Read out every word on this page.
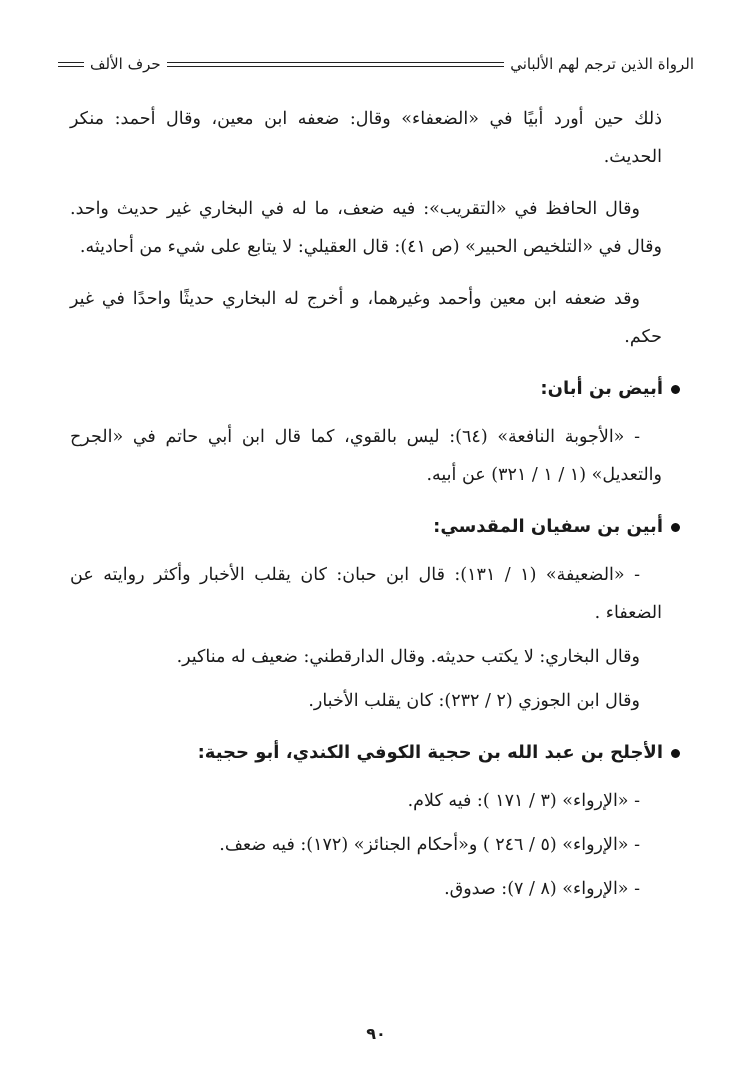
الرواة الذين ترجم لهم الألباني
حرف الألف

ذلك حين أورد أبيًا في «الضعفاء» وقال: ضعفه ابن معين، وقال أحمد: منكر الحديث.

وقال الحافظ في «التقريب»: فيه ضعف، ما له في البخاري غير حديث واحد. وقال في «التلخيص الحبير» (ص ٤١): قال العقيلي: لا يتابع على شيء من أحاديثه.

وقد ضعفه ابن معين وأحمد وغيرهما، و أخرج له البخاري حديثًا واحدًا في غير حكم.

أبيض بن أبان:

- «الأجوبة النافعة» (٦٤): ليس بالقوي، كما قال ابن أبي حاتم في «الجرح والتعديل» (١ / ١ / ٣٢١) عن أبيه.

أبين بن سفيان المقدسي:

- «الضعيفة» (١ / ١٣١): قال ابن حبان: كان يقلب الأخبار وأكثر روايته عن الضعفاء .

وقال البخاري: لا يكتب حديثه. وقال الدارقطني: ضعيف له مناكير.

وقال ابن الجوزي (٢ / ٢٣٢): كان يقلب الأخبار.

الأجلح بن عبد الله بن حجية الكوفي الكندي، أبو حجية:

- «الإرواء» (٣ / ١٧١ ): فيه كلام.

- «الإرواء» (٥ / ٢٤٦ ) و«أحكام الجنائز» (١٧٢): فيه ضعف.

- «الإرواء» (٨ / ٧): صدوق.

٩٠
